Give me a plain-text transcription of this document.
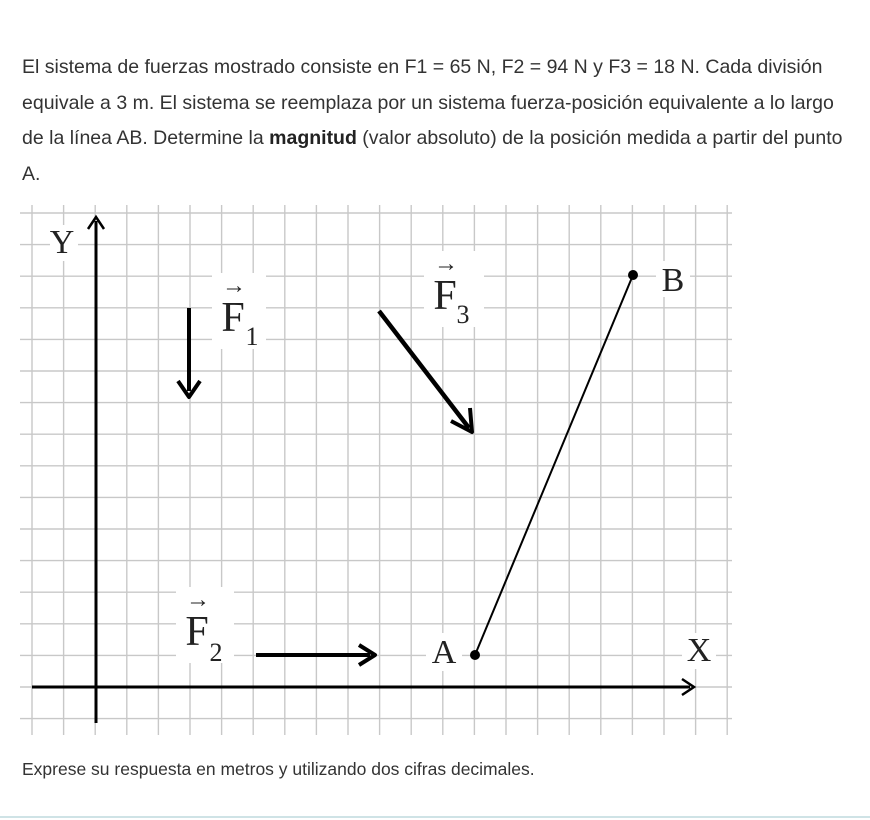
El sistema de fuerzas mostrado consiste en F1 = 65 N, F2 = 94 N y F3 = 18 N. Cada división equivale a 3 m. El sistema se reemplaza por un sistema fuerza-posición equivalente a lo largo de la línea AB. Determine la magnitud (valor absoluto) de la posición medida a partir del punto A.

Y
X
A
B
→
F 1
→
F 2
→
F 3

Exprese su respuesta en metros y utilizando dos cifras decimales.
